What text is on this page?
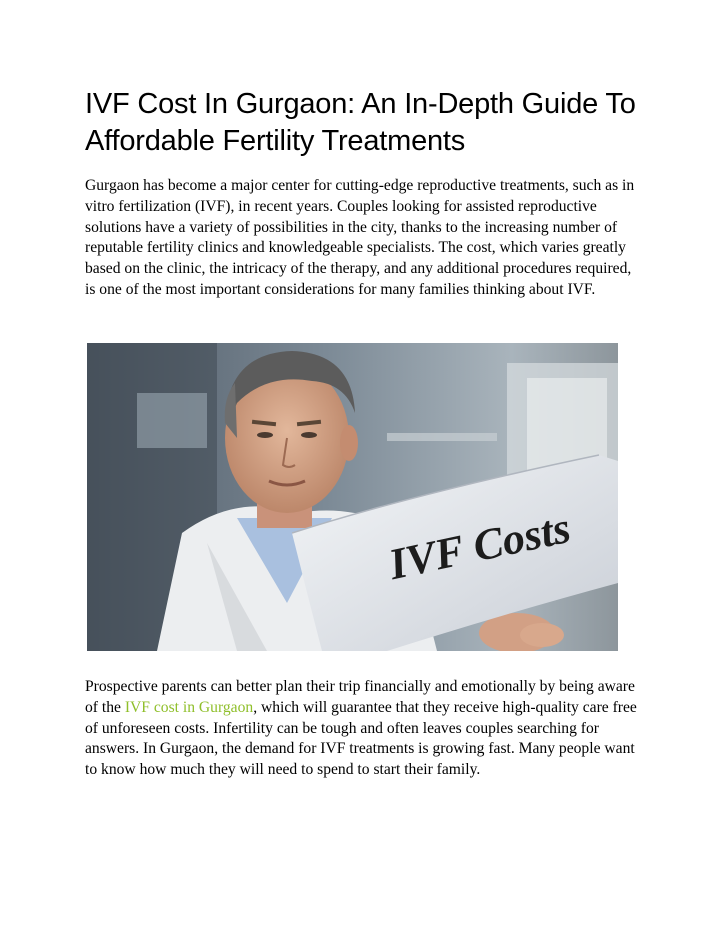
IVF Cost In Gurgaon: An In-Depth Guide To Affordable Fertility Treatments

Gurgaon has become a major center for cutting-edge reproductive treatments, such as in vitro fertilization (IVF), in recent years. Couples looking for assisted reproductive solutions have a variety of possibilities in the city, thanks to the increasing number of reputable fertility clinics and knowledgeable specialists. The cost, which varies greatly based on the clinic, the intricacy of the therapy, and any additional procedures required, is one of the most important considerations for many families thinking about IVF.

IVF Costs

Prospective parents can better plan their trip financially and emotionally by being aware of the IVF cost in Gurgaon, which will guarantee that they receive high-quality care free of unforeseen costs. Infertility can be tough and often leaves couples searching for answers. In Gurgaon, the demand for IVF treatments is growing fast. Many people want to know how much they will need to spend to start their family.
